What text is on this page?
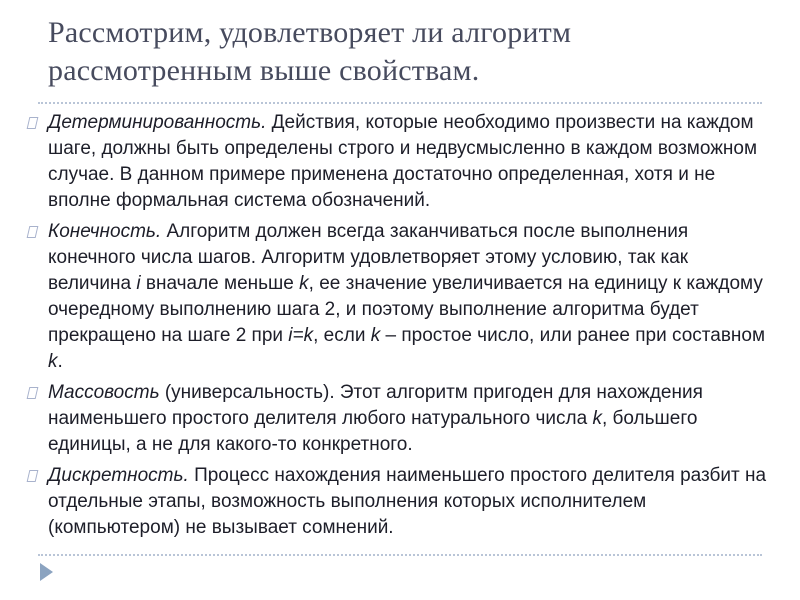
Рассмотрим, удовлетворяет ли алгоритм
рассмотренным выше свойствам.
Детерминированность. Действия, которые необходимо произвести на каждом шаге, должны быть определены строго и недвусмысленно в каждом возможном случае. В данном примере применена достаточно определенная, хотя и не вполне формальная система обозначений.
Конечность. Алгоритм должен всегда заканчиваться после выполнения конечного числа шагов. Алгоритм удовлетворяет этому условию, так как величина i вначале меньше k, ее значение увеличивается на единицу к каждому очередному выполнению шага 2, и поэтому выполнение алгоритма будет прекращено на шаге 2 при i=k, если k – простое число, или ранее при составном k.
Массовость (универсальность). Этот алгоритм пригоден для нахождения наименьшего простого делителя любого натурального числа k, большего единицы, а не для какого-то конкретного.
Дискретность. Процесс нахождения наименьшего простого делителя разбит на отдельные этапы, возможность выполнения которых исполнителем (компьютером) не вызывает сомнений.
